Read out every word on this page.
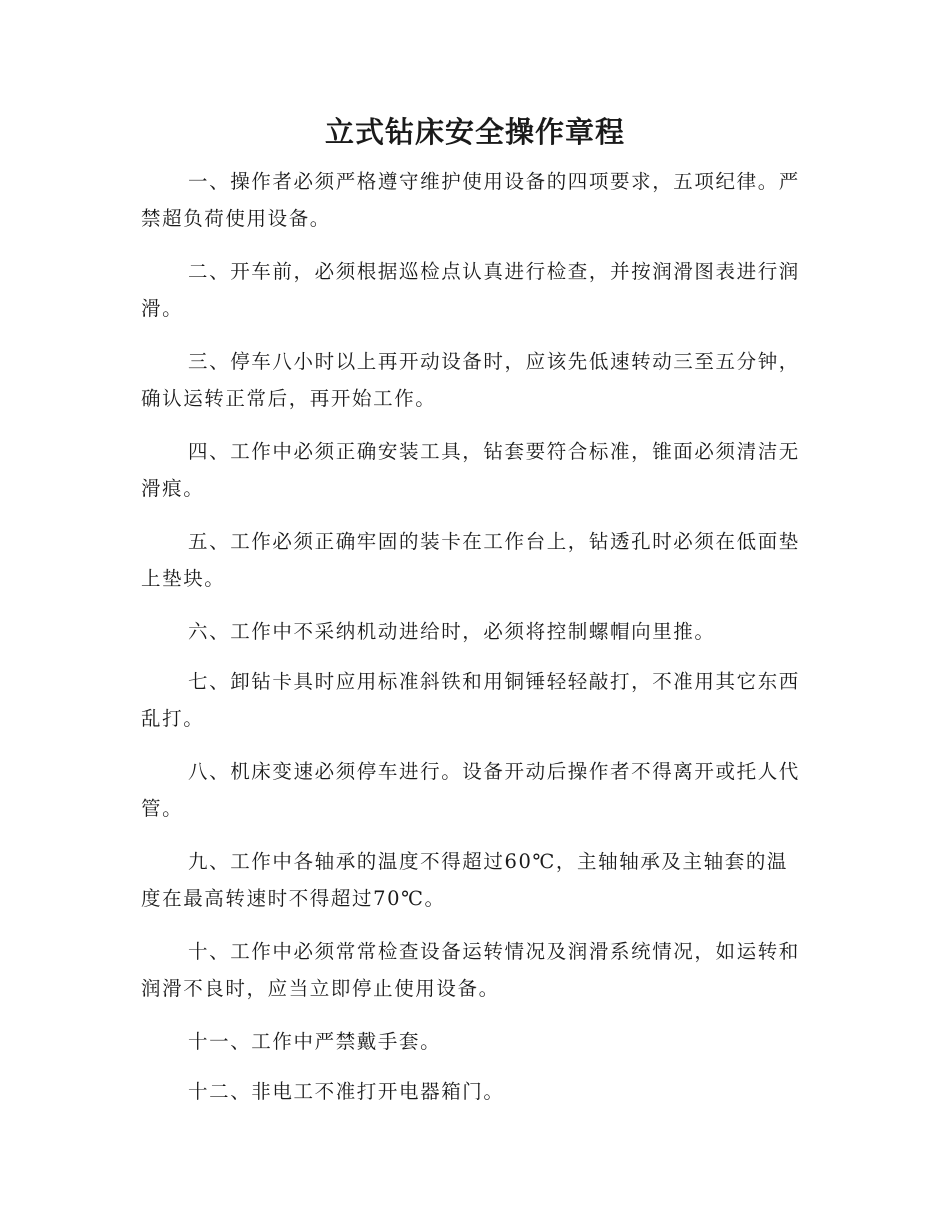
立式钻床安全操作章程

一、操作者必须严格遵守维护使用设备的四项要求，五项纪律。严禁超负荷使用设备。

二、开车前，必须根据巡检点认真进行检查，并按润滑图表进行润滑。

三、停车八小时以上再开动设备时，应该先低速转动三至五分钟，确认运转正常后，再开始工作。

四、工作中必须正确安装工具，钻套要符合标准，锥面必须清洁无滑痕。

五、工作必须正确牢固的装卡在工作台上，钻透孔时必须在低面垫上垫块。

六、工作中不采纳机动进给时，必须将控制螺帽向里推。

七、卸钻卡具时应用标准斜铁和用铜锤轻轻敲打，不准用其它东西乱打。

八、机床变速必须停车进行。设备开动后操作者不得离开或托人代管。

九、工作中各轴承的温度不得超过60℃，主轴轴承及主轴套的温度在最高转速时不得超过70℃。

十、工作中必须常常检查设备运转情况及润滑系统情况，如运转和润滑不良时，应当立即停止使用设备。

十一、工作中严禁戴手套。

十二、非电工不准打开电器箱门。
